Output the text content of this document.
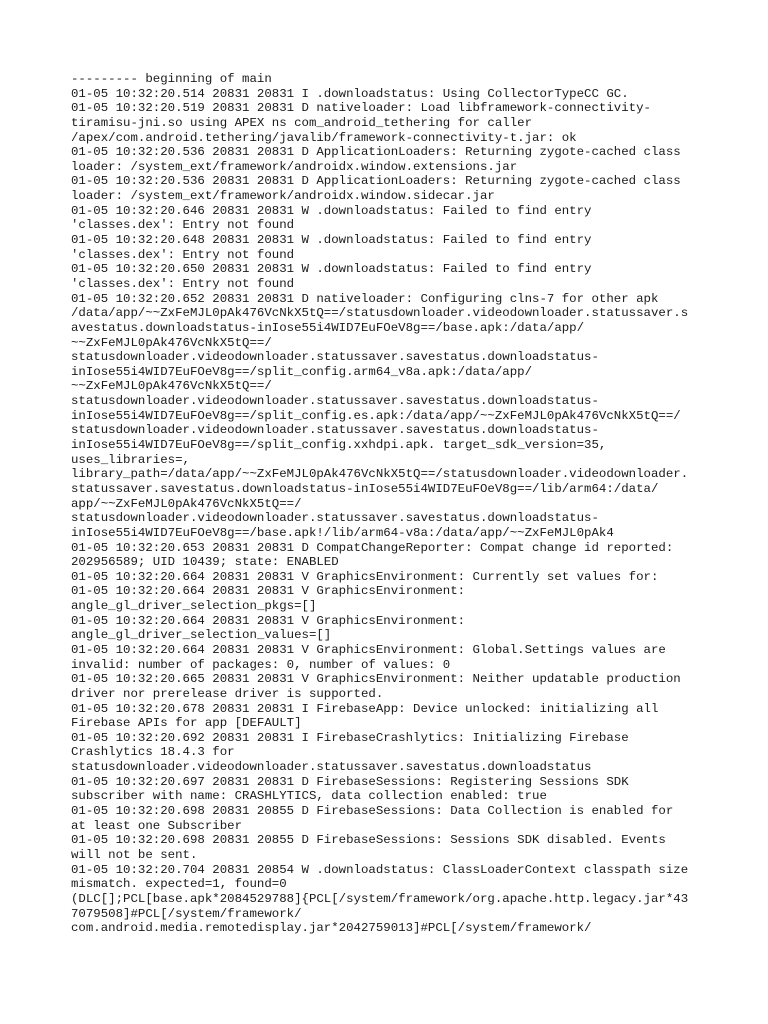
--------- beginning of main
01-05 10:32:20.514 20831 20831 I .downloadstatus: Using CollectorTypeCC GC.
01-05 10:32:20.519 20831 20831 D nativeloader: Load libframework-connectivity-
tiramisu-jni.so using APEX ns com_android_tethering for caller
/apex/com.android.tethering/javalib/framework-connectivity-t.jar: ok
01-05 10:32:20.536 20831 20831 D ApplicationLoaders: Returning zygote-cached class
loader: /system_ext/framework/androidx.window.extensions.jar
01-05 10:32:20.536 20831 20831 D ApplicationLoaders: Returning zygote-cached class
loader: /system_ext/framework/androidx.window.sidecar.jar
01-05 10:32:20.646 20831 20831 W .downloadstatus: Failed to find entry
'classes.dex': Entry not found
01-05 10:32:20.648 20831 20831 W .downloadstatus: Failed to find entry
'classes.dex': Entry not found
01-05 10:32:20.650 20831 20831 W .downloadstatus: Failed to find entry
'classes.dex': Entry not found
01-05 10:32:20.652 20831 20831 D nativeloader: Configuring clns-7 for other apk
/data/app/~~ZxFeMJL0pAk476VcNkX5tQ==/statusdownloader.videodownloader.statussaver.s
avestatus.downloadstatus-inIose55i4WID7EuFOeV8g==/base.apk:/data/app/
~~ZxFeMJL0pAk476VcNkX5tQ==/
statusdownloader.videodownloader.statussaver.savestatus.downloadstatus-
inIose55i4WID7EuFOeV8g==/split_config.arm64_v8a.apk:/data/app/
~~ZxFeMJL0pAk476VcNkX5tQ==/
statusdownloader.videodownloader.statussaver.savestatus.downloadstatus-
inIose55i4WID7EuFOeV8g==/split_config.es.apk:/data/app/~~ZxFeMJL0pAk476VcNkX5tQ==/
statusdownloader.videodownloader.statussaver.savestatus.downloadstatus-
inIose55i4WID7EuFOeV8g==/split_config.xxhdpi.apk. target_sdk_version=35,
uses_libraries=,
library_path=/data/app/~~ZxFeMJL0pAk476VcNkX5tQ==/statusdownloader.videodownloader.
statussaver.savestatus.downloadstatus-inIose55i4WID7EuFOeV8g==/lib/arm64:/data/
app/~~ZxFeMJL0pAk476VcNkX5tQ==/
statusdownloader.videodownloader.statussaver.savestatus.downloadstatus-
inIose55i4WID7EuFOeV8g==/base.apk!/lib/arm64-v8a:/data/app/~~ZxFeMJL0pAk4
01-05 10:32:20.653 20831 20831 D CompatChangeReporter: Compat change id reported:
202956589; UID 10439; state: ENABLED
01-05 10:32:20.664 20831 20831 V GraphicsEnvironment: Currently set values for:
01-05 10:32:20.664 20831 20831 V GraphicsEnvironment:
angle_gl_driver_selection_pkgs=[]
01-05 10:32:20.664 20831 20831 V GraphicsEnvironment:
angle_gl_driver_selection_values=[]
01-05 10:32:20.664 20831 20831 V GraphicsEnvironment: Global.Settings values are
invalid: number of packages: 0, number of values: 0
01-05 10:32:20.665 20831 20831 V GraphicsEnvironment: Neither updatable production
driver nor prerelease driver is supported.
01-05 10:32:20.678 20831 20831 I FirebaseApp: Device unlocked: initializing all
Firebase APIs for app [DEFAULT]
01-05 10:32:20.692 20831 20831 I FirebaseCrashlytics: Initializing Firebase
Crashlytics 18.4.3 for
statusdownloader.videodownloader.statussaver.savestatus.downloadstatus
01-05 10:32:20.697 20831 20831 D FirebaseSessions: Registering Sessions SDK
subscriber with name: CRASHLYTICS, data collection enabled: true
01-05 10:32:20.698 20831 20855 D FirebaseSessions: Data Collection is enabled for
at least one Subscriber
01-05 10:32:20.698 20831 20855 D FirebaseSessions: Sessions SDK disabled. Events
will not be sent.
01-05 10:32:20.704 20831 20854 W .downloadstatus: ClassLoaderContext classpath size
mismatch. expected=1, found=0
(DLC[];PCL[base.apk*2084529788]{PCL[/system/framework/org.apache.http.legacy.jar*43
7079508]#PCL[/system/framework/
com.android.media.remotedisplay.jar*2042759013]#PCL[/system/framework/
